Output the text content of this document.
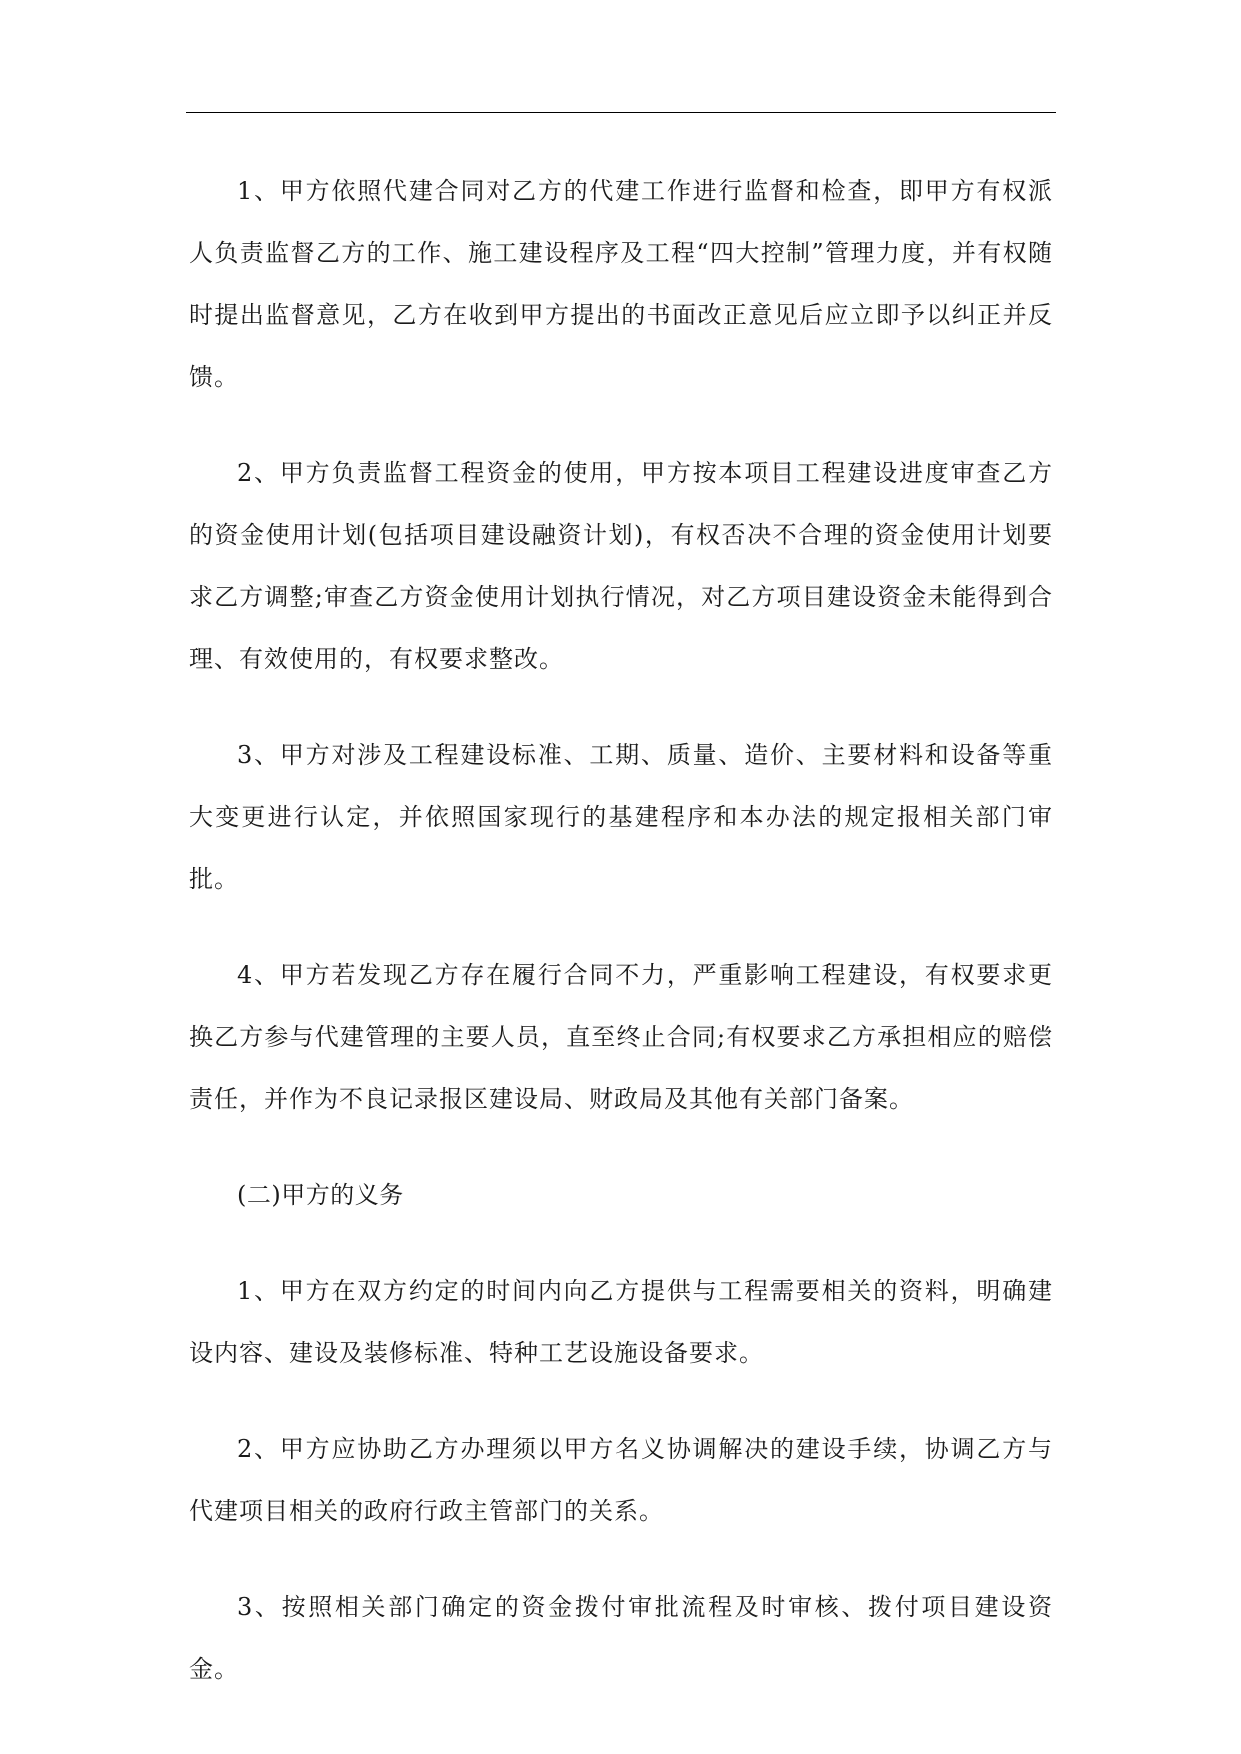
1、甲方依照代建合同对乙方的代建工作进行监督和检查，即甲方有权派人负责监督乙方的工作、施工建设程序及工程“四大控制”管理力度，并有权随时提出监督意见，乙方在收到甲方提出的书面改正意见后应立即予以纠正并反馈。

2、甲方负责监督工程资金的使用，甲方按本项目工程建设进度审查乙方的资金使用计划(包括项目建设融资计划)，有权否决不合理的资金使用计划要求乙方调整;审查乙方资金使用计划执行情况，对乙方项目建设资金未能得到合理、有效使用的，有权要求整改。

3、甲方对涉及工程建设标准、工期、质量、造价、主要材料和设备等重大变更进行认定，并依照国家现行的基建程序和本办法的规定报相关部门审批。

4、甲方若发现乙方存在履行合同不力，严重影响工程建设，有权要求更换乙方参与代建管理的主要人员，直至终止合同;有权要求乙方承担相应的赔偿责任，并作为不良记录报区建设局、财政局及其他有关部门备案。

(二)甲方的义务

1、甲方在双方约定的时间内向乙方提供与工程需要相关的资料，明确建设内容、建设及装修标准、特种工艺设施设备要求。

2、甲方应协助乙方办理须以甲方名义协调解决的建设手续，协调乙方与代建项目相关的政府行政主管部门的关系。

3、按照相关部门确定的资金拨付审批流程及时审核、拨付项目建设资金。
